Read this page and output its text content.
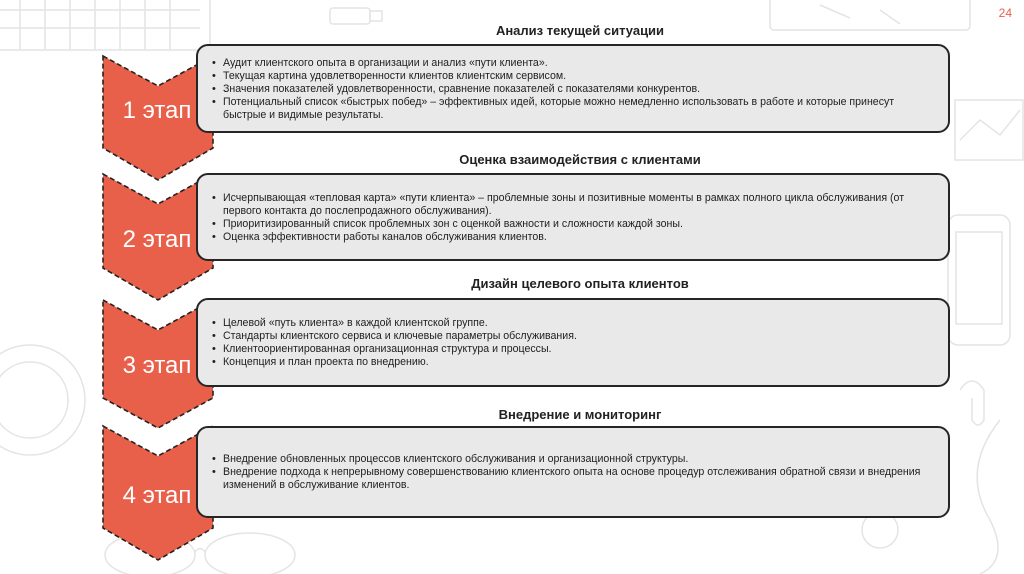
24
Анализ текущей ситуации
1 этап
• Аудит клиентского опыта в организации и анализ «пути клиента».
• Текущая картина удовлетворенности клиентов клиентским сервисом.
• Значения показателей удовлетворенности, сравнение показателей с показателями конкурентов.
• Потенциальный список «быстрых побед» – эффективных идей, которые можно немедленно использовать в работе и которые принесут быстрые и видимые результаты.
Оценка взаимодействия с клиентами
2 этап
• Исчерпывающая «тепловая карта» «пути клиента» – проблемные зоны и позитивные моменты в рамках полного цикла обслуживания (от первого контакта до послепродажного обслуживания).
• Приоритизированный список проблемных зон с оценкой важности и сложности каждой зоны.
• Оценка эффективности работы каналов обслуживания клиентов.
Дизайн целевого опыта клиентов
3 этап
• Целевой «путь клиента» в каждой клиентской группе.
• Стандарты клиентского сервиса и ключевые параметры обслуживания.
• Клиентоориентированная организационная структура и процессы.
• Концепция и план проекта по внедрению.
Внедрение и мониторинг
4 этап
• Внедрение обновленных процессов клиентского обслуживания и организационной структуры.
• Внедрение подхода к непрерывному совершенствованию клиентского опыта на основе процедур отслеживания обратной связи и внедрения изменений в обслуживание клиентов.
